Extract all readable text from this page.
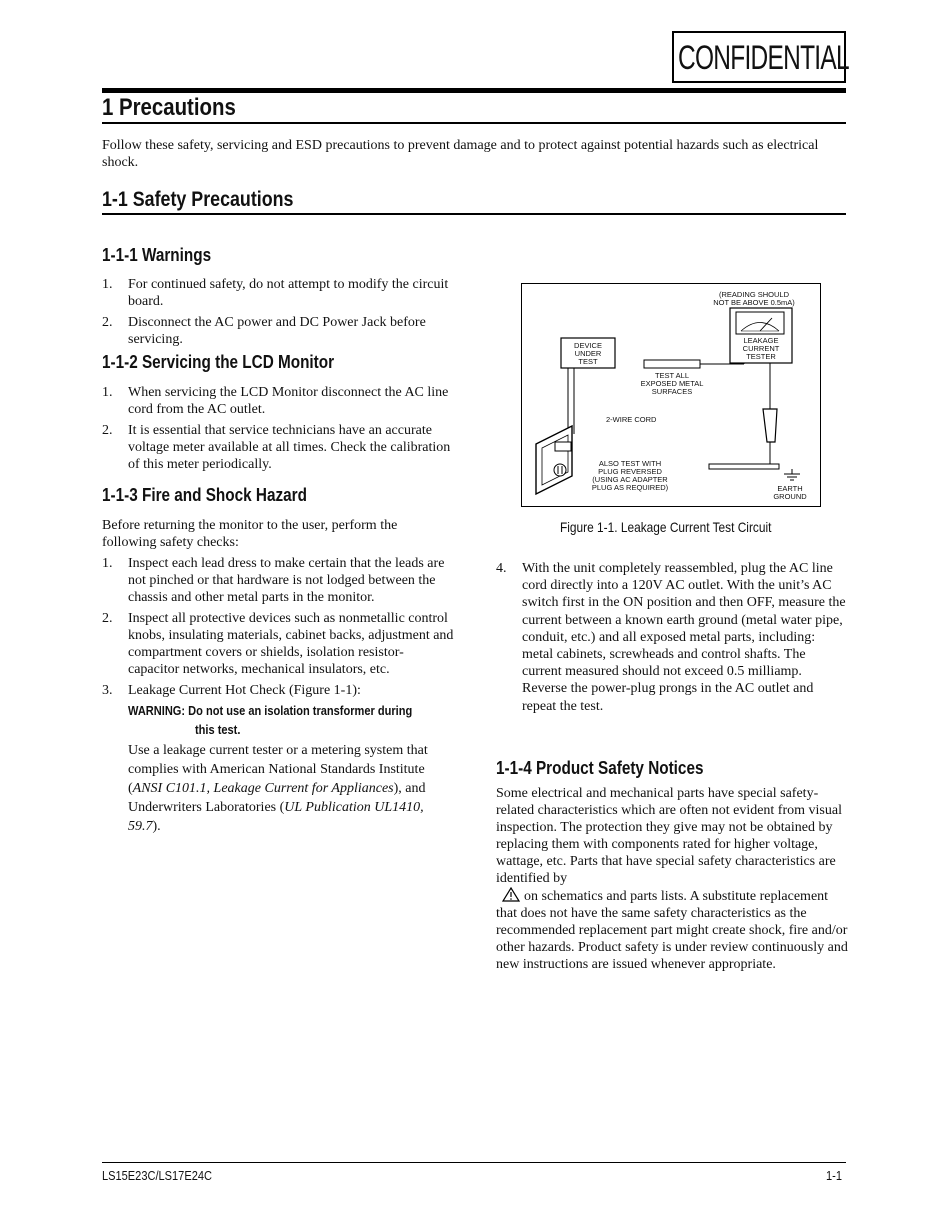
CONFIDENTIAL
1 Precautions

Follow these safety, servicing and ESD precautions to prevent damage and to protect against potential hazards such as electrical shock.

1-1 Safety Precautions
1-1-1 Warnings
1. For continued safety, do not attempt to modify the circuit board.
2. Disconnect the AC power and DC Power Jack before servicing.
1-1-2 Servicing the LCD Monitor
1. When servicing the LCD Monitor disconnect the AC line cord from the AC outlet.
2. It is essential that service technicians have an accurate voltage meter available at all times. Check the calibration of this meter periodically.
1-1-3 Fire and Shock Hazard

Before returning the monitor to the user, perform the following safety checks:

1. Inspect each lead dress to make certain that the leads are not pinched or that hardware is not lodged between the chassis and other metal parts in the monitor.
2. Inspect all protective devices such as nonmetallic control knobs, insulating materials, cabinet backs, adjustment and compartment covers or shields, isolation resistor-capacitor networks, mechanical insulators, etc.
3. Leakage Current Hot Check (Figure 1-1):
WARNING: Do not use an isolation transformer during
this test.
Use a leakage current tester or a metering system that complies with American National Standards Institute (ANSI C101.1, Leakage Current for Appliances), and Underwriters Laboratories (UL Publication UL1410, 59.7).
(READING SHOULD
NOT BE ABOVE 0.5mA)
LEAKAGE
CURRENT
TESTER
DEVICE
UNDER
TEST
TEST ALL
EXPOSED METAL
SURFACES
EARTH
GROUND
2-WIRE CORD
ALSO TEST WITH
PLUG REVERSED
(USING AC ADAPTER
PLUG AS REQUIRED)
Figure 1-1. Leakage Current Test Circuit
4. With the unit completely reassembled, plug the AC line cord directly into a 120V AC outlet. With the unit’s AC switch first in the ON position and then OFF, measure the current between a known earth ground (metal water pipe, conduit, etc.) and all exposed metal parts, including: metal cabinets, screwheads and control shafts. The current measured should not exceed 0.5 milliamp. Reverse the power-plug prongs in the AC outlet and repeat the test.
1-1-4 Product Safety Notices

Some electrical and mechanical parts have special safety-related characteristics which are often not evident from visual inspection. The protection they give may not be obtained by replacing them with components rated for higher voltage, wattage, etc. Parts that have special safety characteristics are identified by
on schematics and parts lists. A substitute replacement that does not have the same safety characteristics as the recommended replacement part might create shock, fire and/or other hazards. Product safety is under review continuously and new instructions are issued whenever appropriate.

LS15E23C/LS17E24C	1-1
